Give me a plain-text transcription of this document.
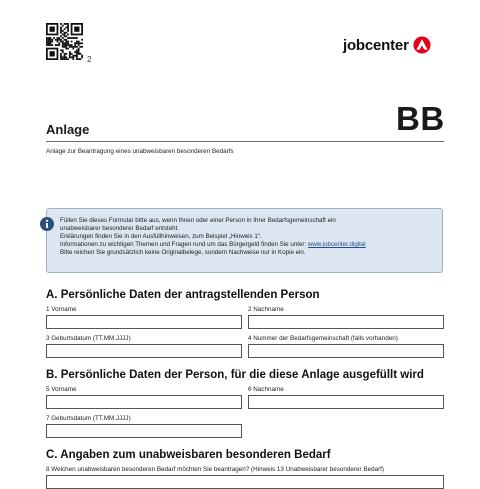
2
jobcenter
Anlage	BB
Anlage zur Beantragung eines unabweisbaren besonderen Bedarfs
Füllen Sie dieses Formular bitte aus, wenn Ihnen oder einer Person in Ihrer Bedarfsgemeinschaft ein
unabweisbarer besonderer Bedarf entsteht.
Erklärungen finden Sie in den Ausfüllhinweisen, zum Beispiel „Hinweis 1“.
Informationen zu wichtigen Themen und Fragen rund um das Bürgergeld finden Sie unter: www.jobcenter.digital
Bitte reichen Sie grundsätzlich keine Originalbelege, sondern Nachweise nur in Kopie ein.
A. Persönliche Daten der antragstellenden Person
1 Vorname	2 Nachname
3 Geburtsdatum (TT.MM.JJJJ)	4 Nummer der Bedarfsgemeinschaft (falls vorhanden)
B. Persönliche Daten der Person, für die diese Anlage ausgefüllt wird
5 Vorname	6 Nachname
7 Geburtsdatum (TT.MM.JJJJ)
C. Angaben zum unabweisbaren besonderen Bedarf
8 Welchen unabweisbaren besonderen Bedarf möchten Sie beantragen? (Hinweis 13 Unabweisbarer besonderer Bedarf)
